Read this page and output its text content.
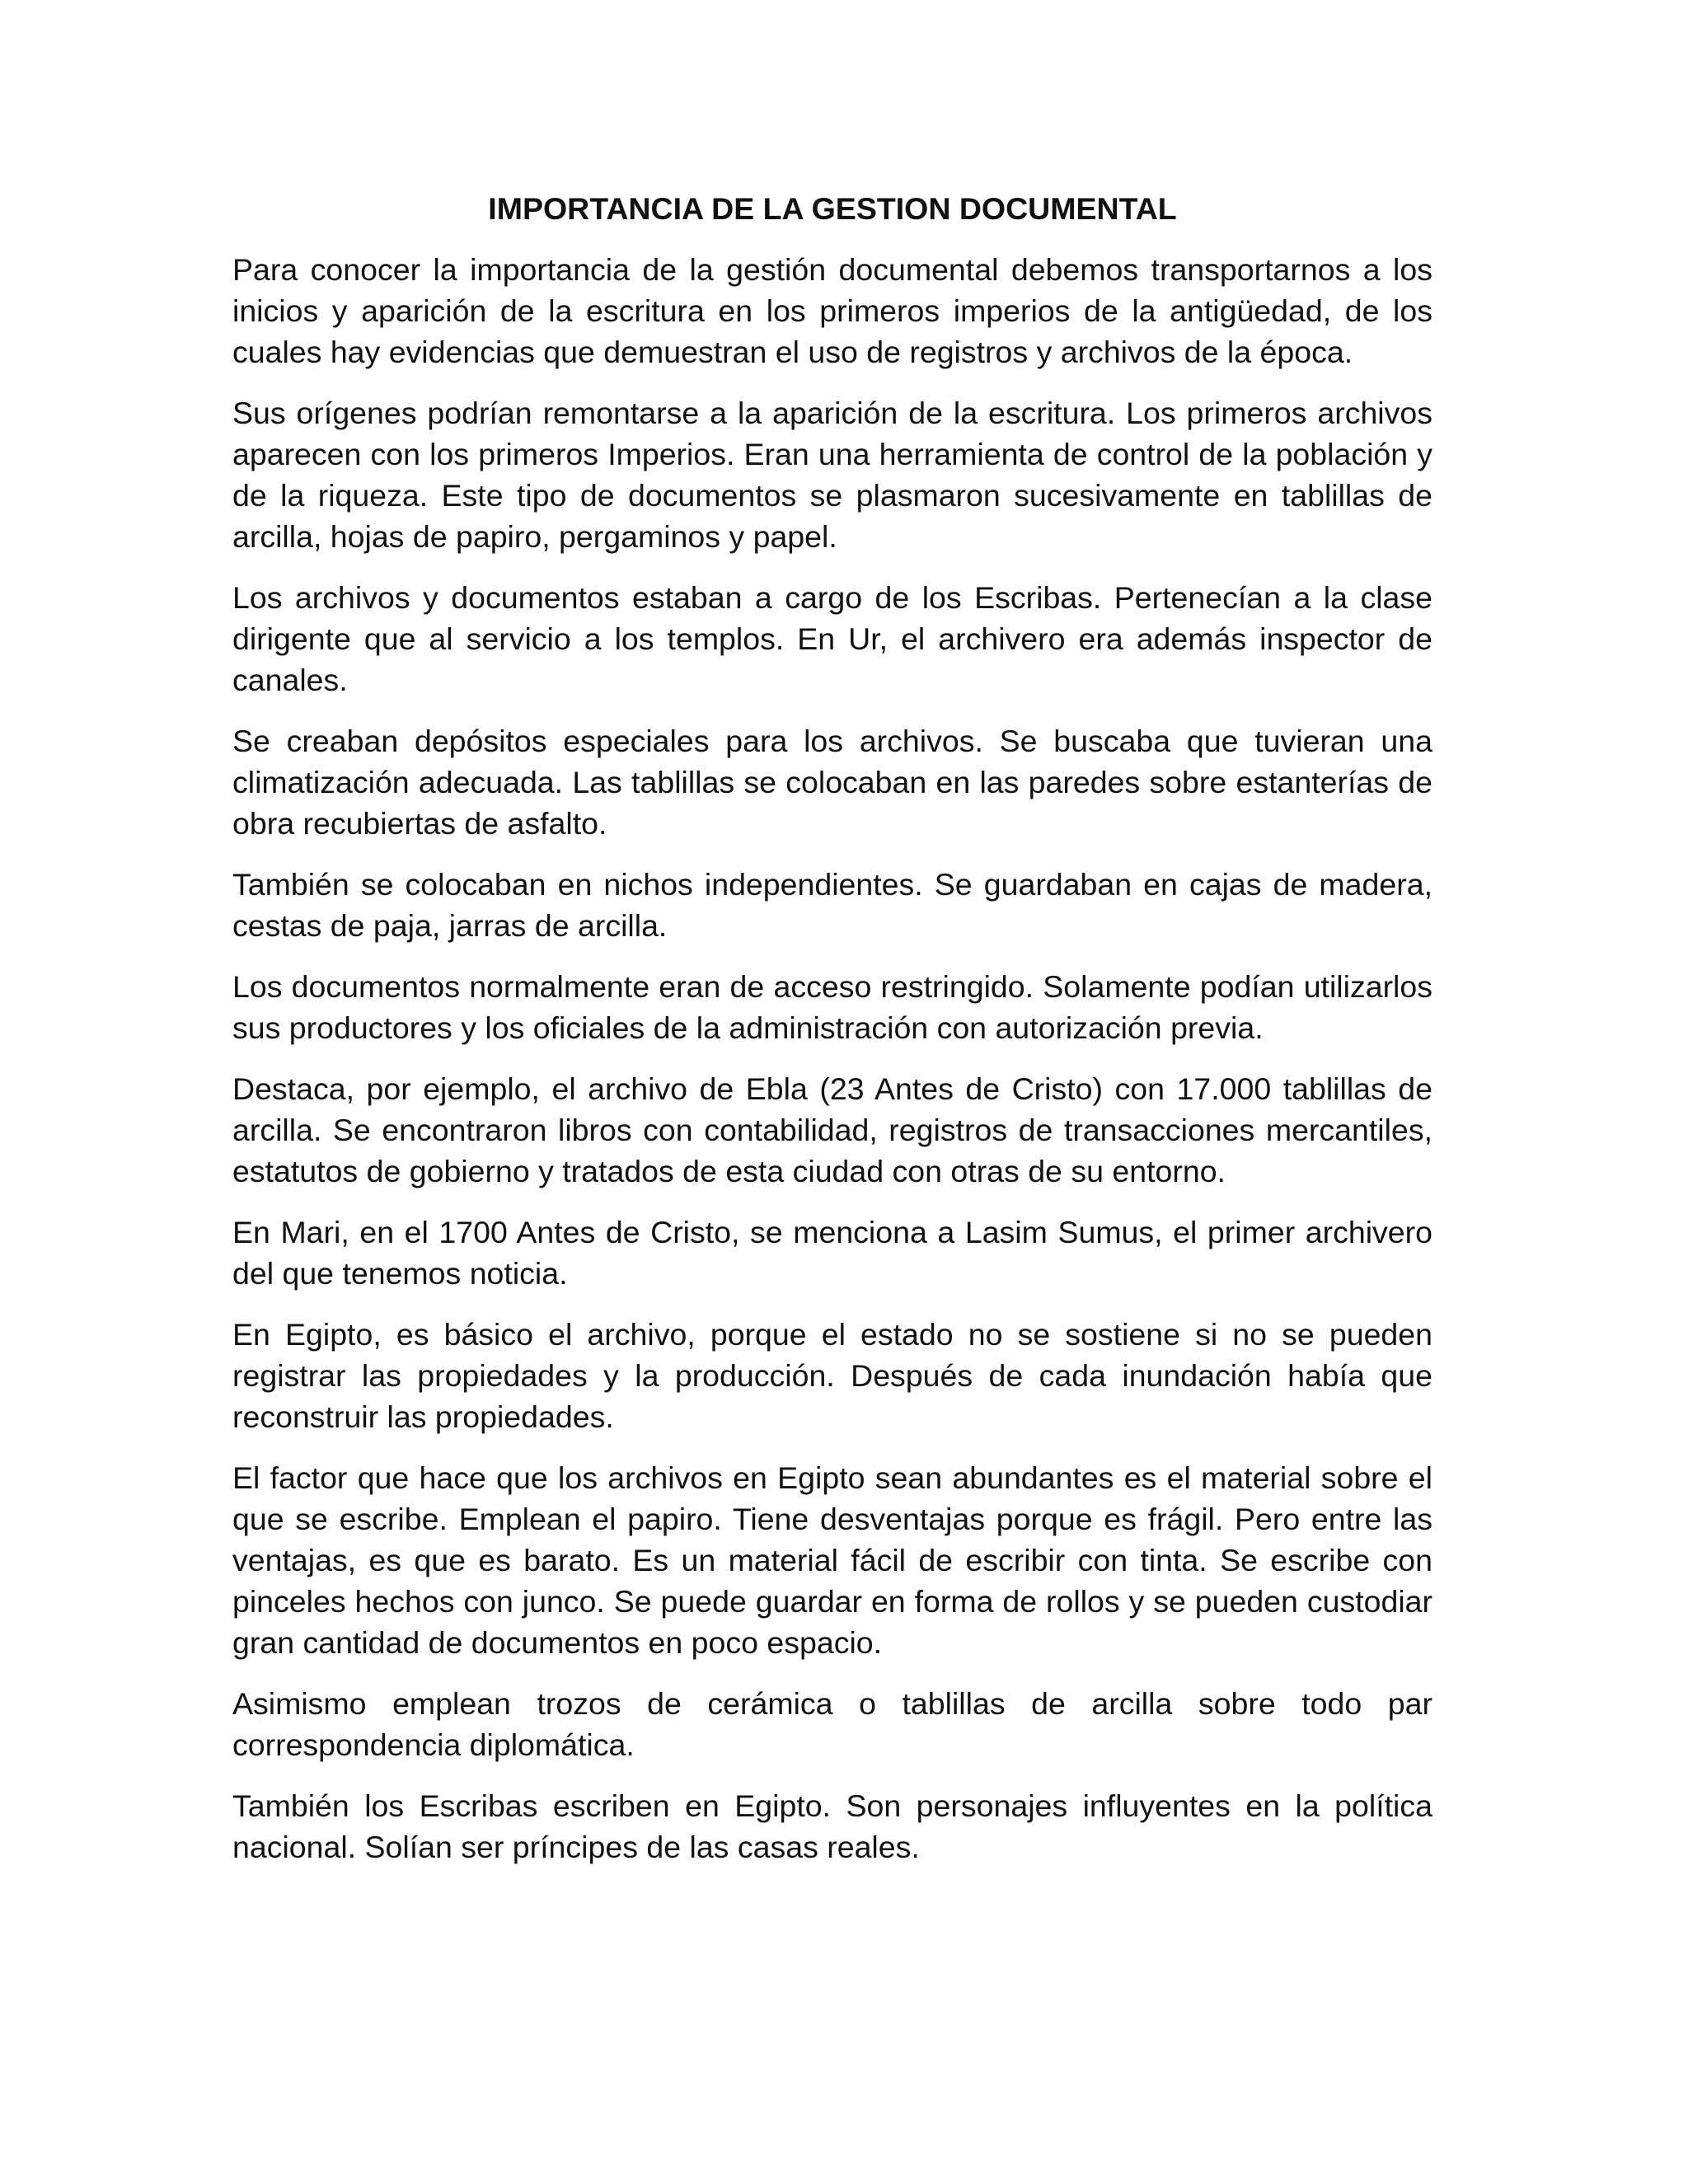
IMPORTANCIA DE LA GESTION DOCUMENTAL

Para conocer la importancia de la gestión documental debemos transportarnos a los inicios y aparición de la escritura en los primeros imperios de la antigüedad, de los cuales hay evidencias que demuestran el uso de registros y archivos de la época.

Sus orígenes podrían remontarse a la aparición de la escritura. Los primeros archivos aparecen con los primeros Imperios. Eran una herramienta de control de la población y de la riqueza. Este tipo de documentos se plasmaron sucesivamente en tablillas de arcilla, hojas de papiro, pergaminos y papel.

Los archivos y documentos estaban a cargo de los Escribas. Pertenecían a la clase dirigente que al servicio a los templos. En Ur, el archivero era además inspector de canales.

Se creaban depósitos especiales para los archivos. Se buscaba que tuvieran una climatización adecuada. Las tablillas se colocaban en las paredes sobre estanterías de obra recubiertas de asfalto.

También se colocaban en nichos independientes. Se guardaban en cajas de madera, cestas de paja, jarras de arcilla.

Los documentos normalmente eran de acceso restringido. Solamente podían utilizarlos sus productores y los oficiales de la administración con autorización previa.

Destaca, por ejemplo, el archivo de Ebla (23 Antes de Cristo) con 17.000 tablillas de arcilla. Se encontraron libros con contabilidad, registros de transacciones mercantiles, estatutos de gobierno y tratados de esta ciudad con otras de su entorno.

En Mari, en el 1700 Antes de Cristo, se menciona a Lasim Sumus, el primer archivero del que tenemos noticia.

En Egipto, es básico el archivo, porque el estado no se sostiene si no se pueden registrar las propiedades y la producción. Después de cada inundación había que reconstruir las propiedades.

El factor que hace que los archivos en Egipto sean abundantes es el material sobre el que se escribe. Emplean el papiro. Tiene desventajas porque es frágil. Pero entre las ventajas, es que es barato. Es un material fácil de escribir con tinta. Se escribe con pinceles hechos con junco. Se puede guardar en forma de rollos y se pueden custodiar gran cantidad de documentos en poco espacio.

Asimismo emplean trozos de cerámica o tablillas de arcilla sobre todo par correspondencia diplomática.

También los Escribas escriben en Egipto. Son personajes influyentes en la política nacional. Solían ser príncipes de las casas reales.
